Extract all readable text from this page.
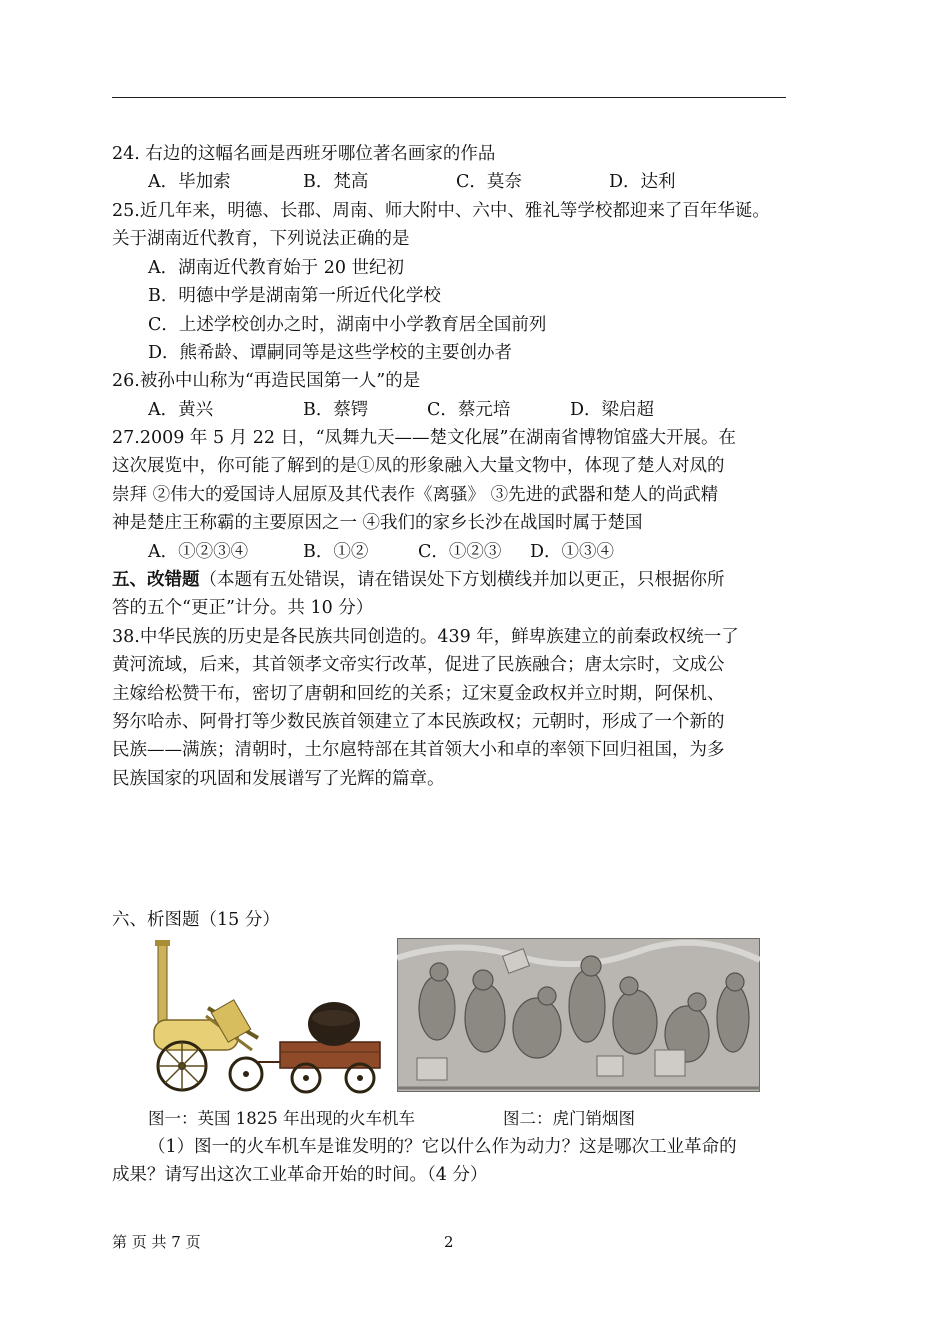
24. 右边的这幅名画是西班牙哪位著名画家的作品
A．毕加索	B．梵高	C．莫奈	D．达利
25.近几年来，明德、长郡、周南、师大附中、六中、雅礼等学校都迎来了百年华诞。
关于湖南近代教育，下列说法正确的是
A．湖南近代教育始于 20 世纪初
B．明德中学是湖南第一所近代化学校
C．上述学校创办之时，湖南中小学教育居全国前列
D．熊希龄、谭嗣同等是这些学校的主要创办者
26.被孙中山称为“再造民国第一人”的是
A．黄兴	B．蔡锷	C．蔡元培	D．梁启超
27.2009 年 5 月 22 日，“凤舞九天——楚文化展”在湖南省博物馆盛大开展。在
这次展览中，你可能了解到的是①凤的形象融入大量文物中，体现了楚人对凤的
崇拜 ②伟大的爱国诗人屈原及其代表作《离骚》 ③先进的武器和楚人的尚武精
神是楚庄王称霸的主要原因之一 ④我们的家乡长沙在战国时属于楚国
A．①②③④	B．①②	C．①②③ D．①③④
五、改错题（本题有五处错误，请在错误处下方划横线并加以更正，只根据你所
答的五个“更正”计分。共 10 分）
38.中华民族的历史是各民族共同创造的。439 年，鲜卑族建立的前秦政权统一了
黄河流域，后来，其首领孝文帝实行改革，促进了民族融合；唐太宗时，文成公
主嫁给松赞干布，密切了唐朝和回纥的关系；辽宋夏金政权并立时期，阿保机、
努尔哈赤、阿骨打等少数民族首领建立了本民族政权；元朝时，形成了一个新的
民族——满族；清朝时，土尔扈特部在其首领大小和卓的率领下回归祖国，为多
民族国家的巩固和发展谱写了光辉的篇章。
六、析图题（15 分）
图一：英国 1825 年出现的火车机车	图二：虎门销烟图
（1）图一的火车机车是谁发明的？它以什么作为动力？这是哪次工业革命的
成果？请写出这次工业革命开始的时间。（4 分）
第 页 共 7 页	2
